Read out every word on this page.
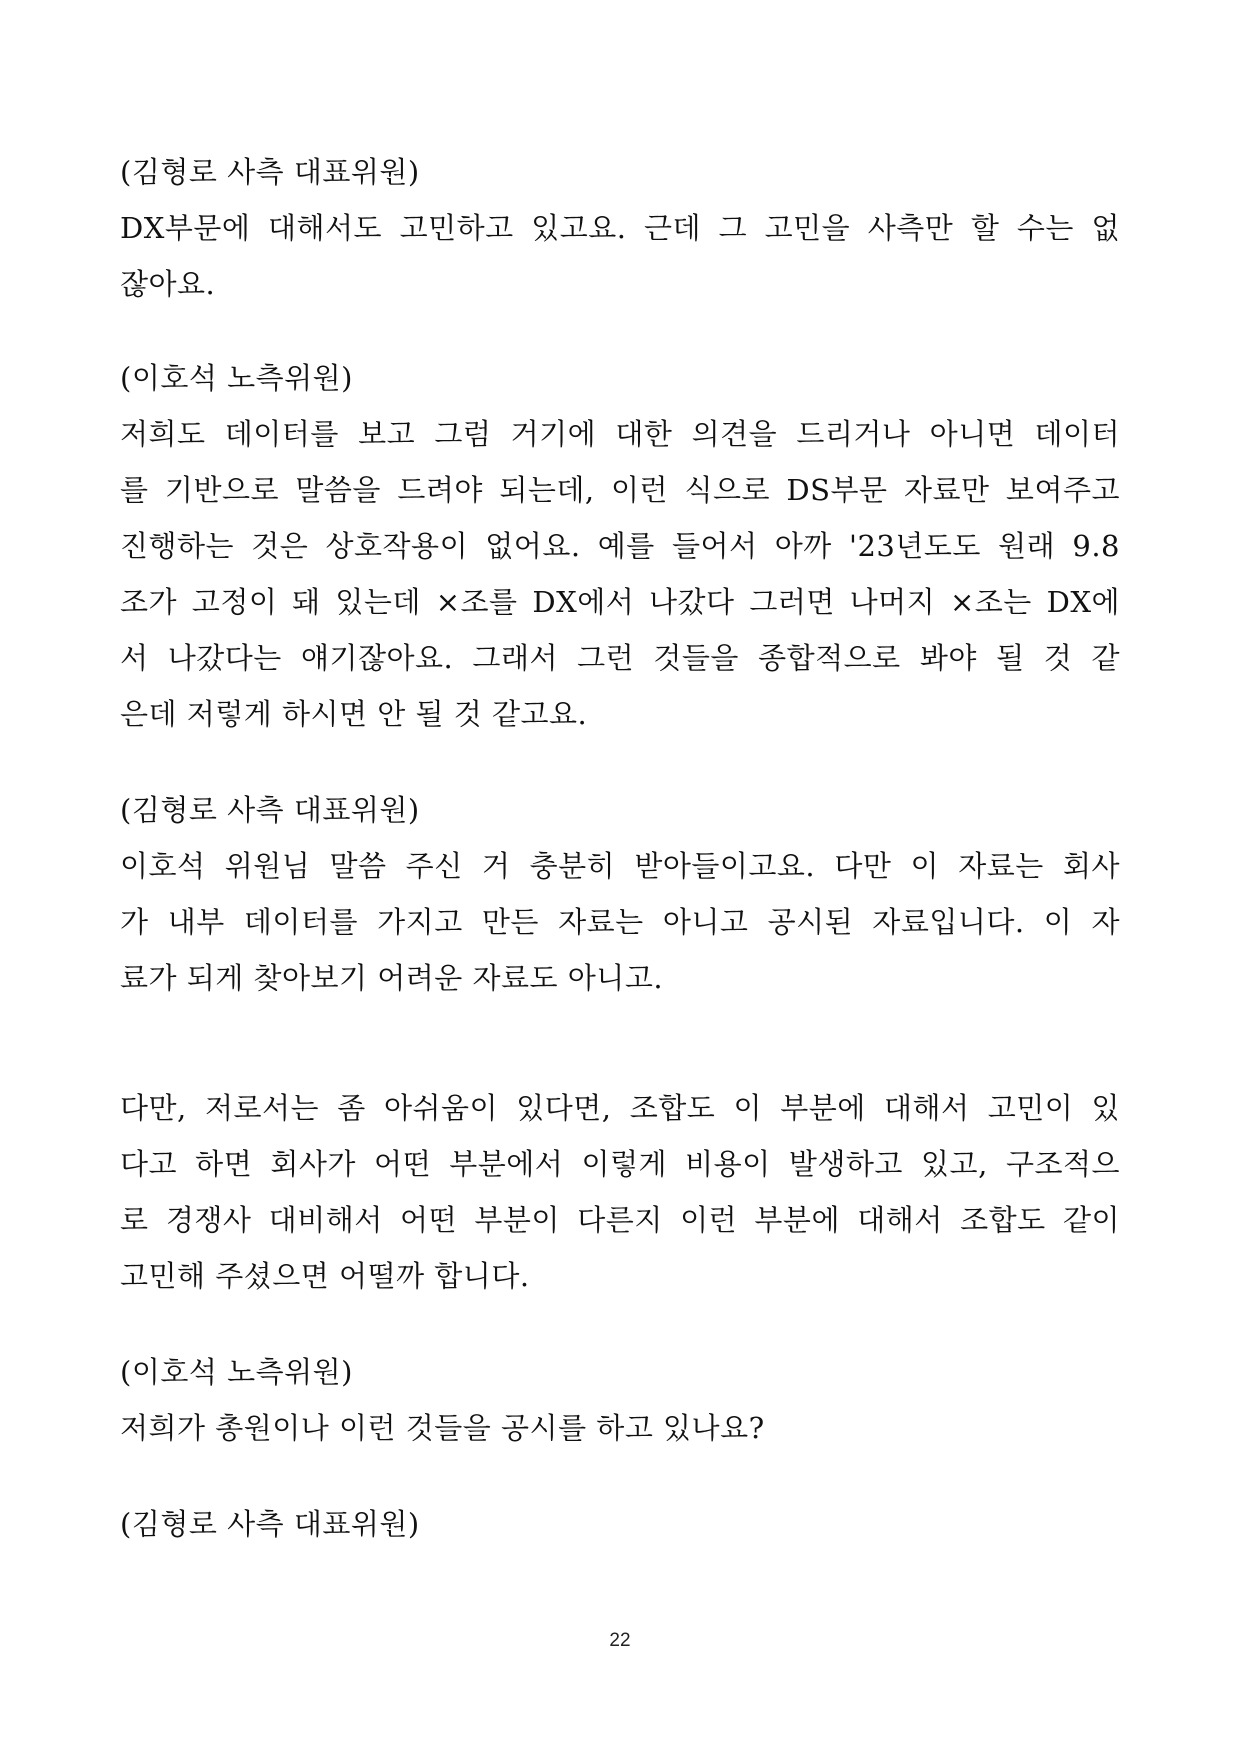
(김형로 사측 대표위원)
DX부문에 대해서도 고민하고 있고요. 근데 그 고민을 사측만 할 수는 없
잖아요.
(이호석 노측위원)
저희도 데이터를 보고 그럼 거기에 대한 의견을 드리거나 아니면 데이터
를 기반으로 말씀을 드려야 되는데, 이런 식으로 DS부문 자료만 보여주고
진행하는 것은 상호작용이 없어요. 예를 들어서 아까 '23년도도 원래 9.8
조가 고정이 돼 있는데 ×조를 DX에서 나갔다 그러면 나머지 ×조는 DX에
서 나갔다는 얘기잖아요. 그래서 그런 것들을 종합적으로 봐야 될 것 같
은데 저렇게 하시면 안 될 것 같고요.
(김형로 사측 대표위원)
이호석 위원님 말씀 주신 거 충분히 받아들이고요. 다만 이 자료는 회사
가 내부 데이터를 가지고 만든 자료는 아니고 공시된 자료입니다. 이 자
료가 되게 찾아보기 어려운 자료도 아니고.
다만, 저로서는 좀 아쉬움이 있다면, 조합도 이 부분에 대해서 고민이 있
다고 하면 회사가 어떤 부분에서 이렇게 비용이 발생하고 있고, 구조적으
로 경쟁사 대비해서 어떤 부분이 다른지 이런 부분에 대해서 조합도 같이
고민해 주셨으면 어떨까 합니다.
(이호석 노측위원)
저희가 총원이나 이런 것들을 공시를 하고 있나요?
(김형로 사측 대표위원)
22
